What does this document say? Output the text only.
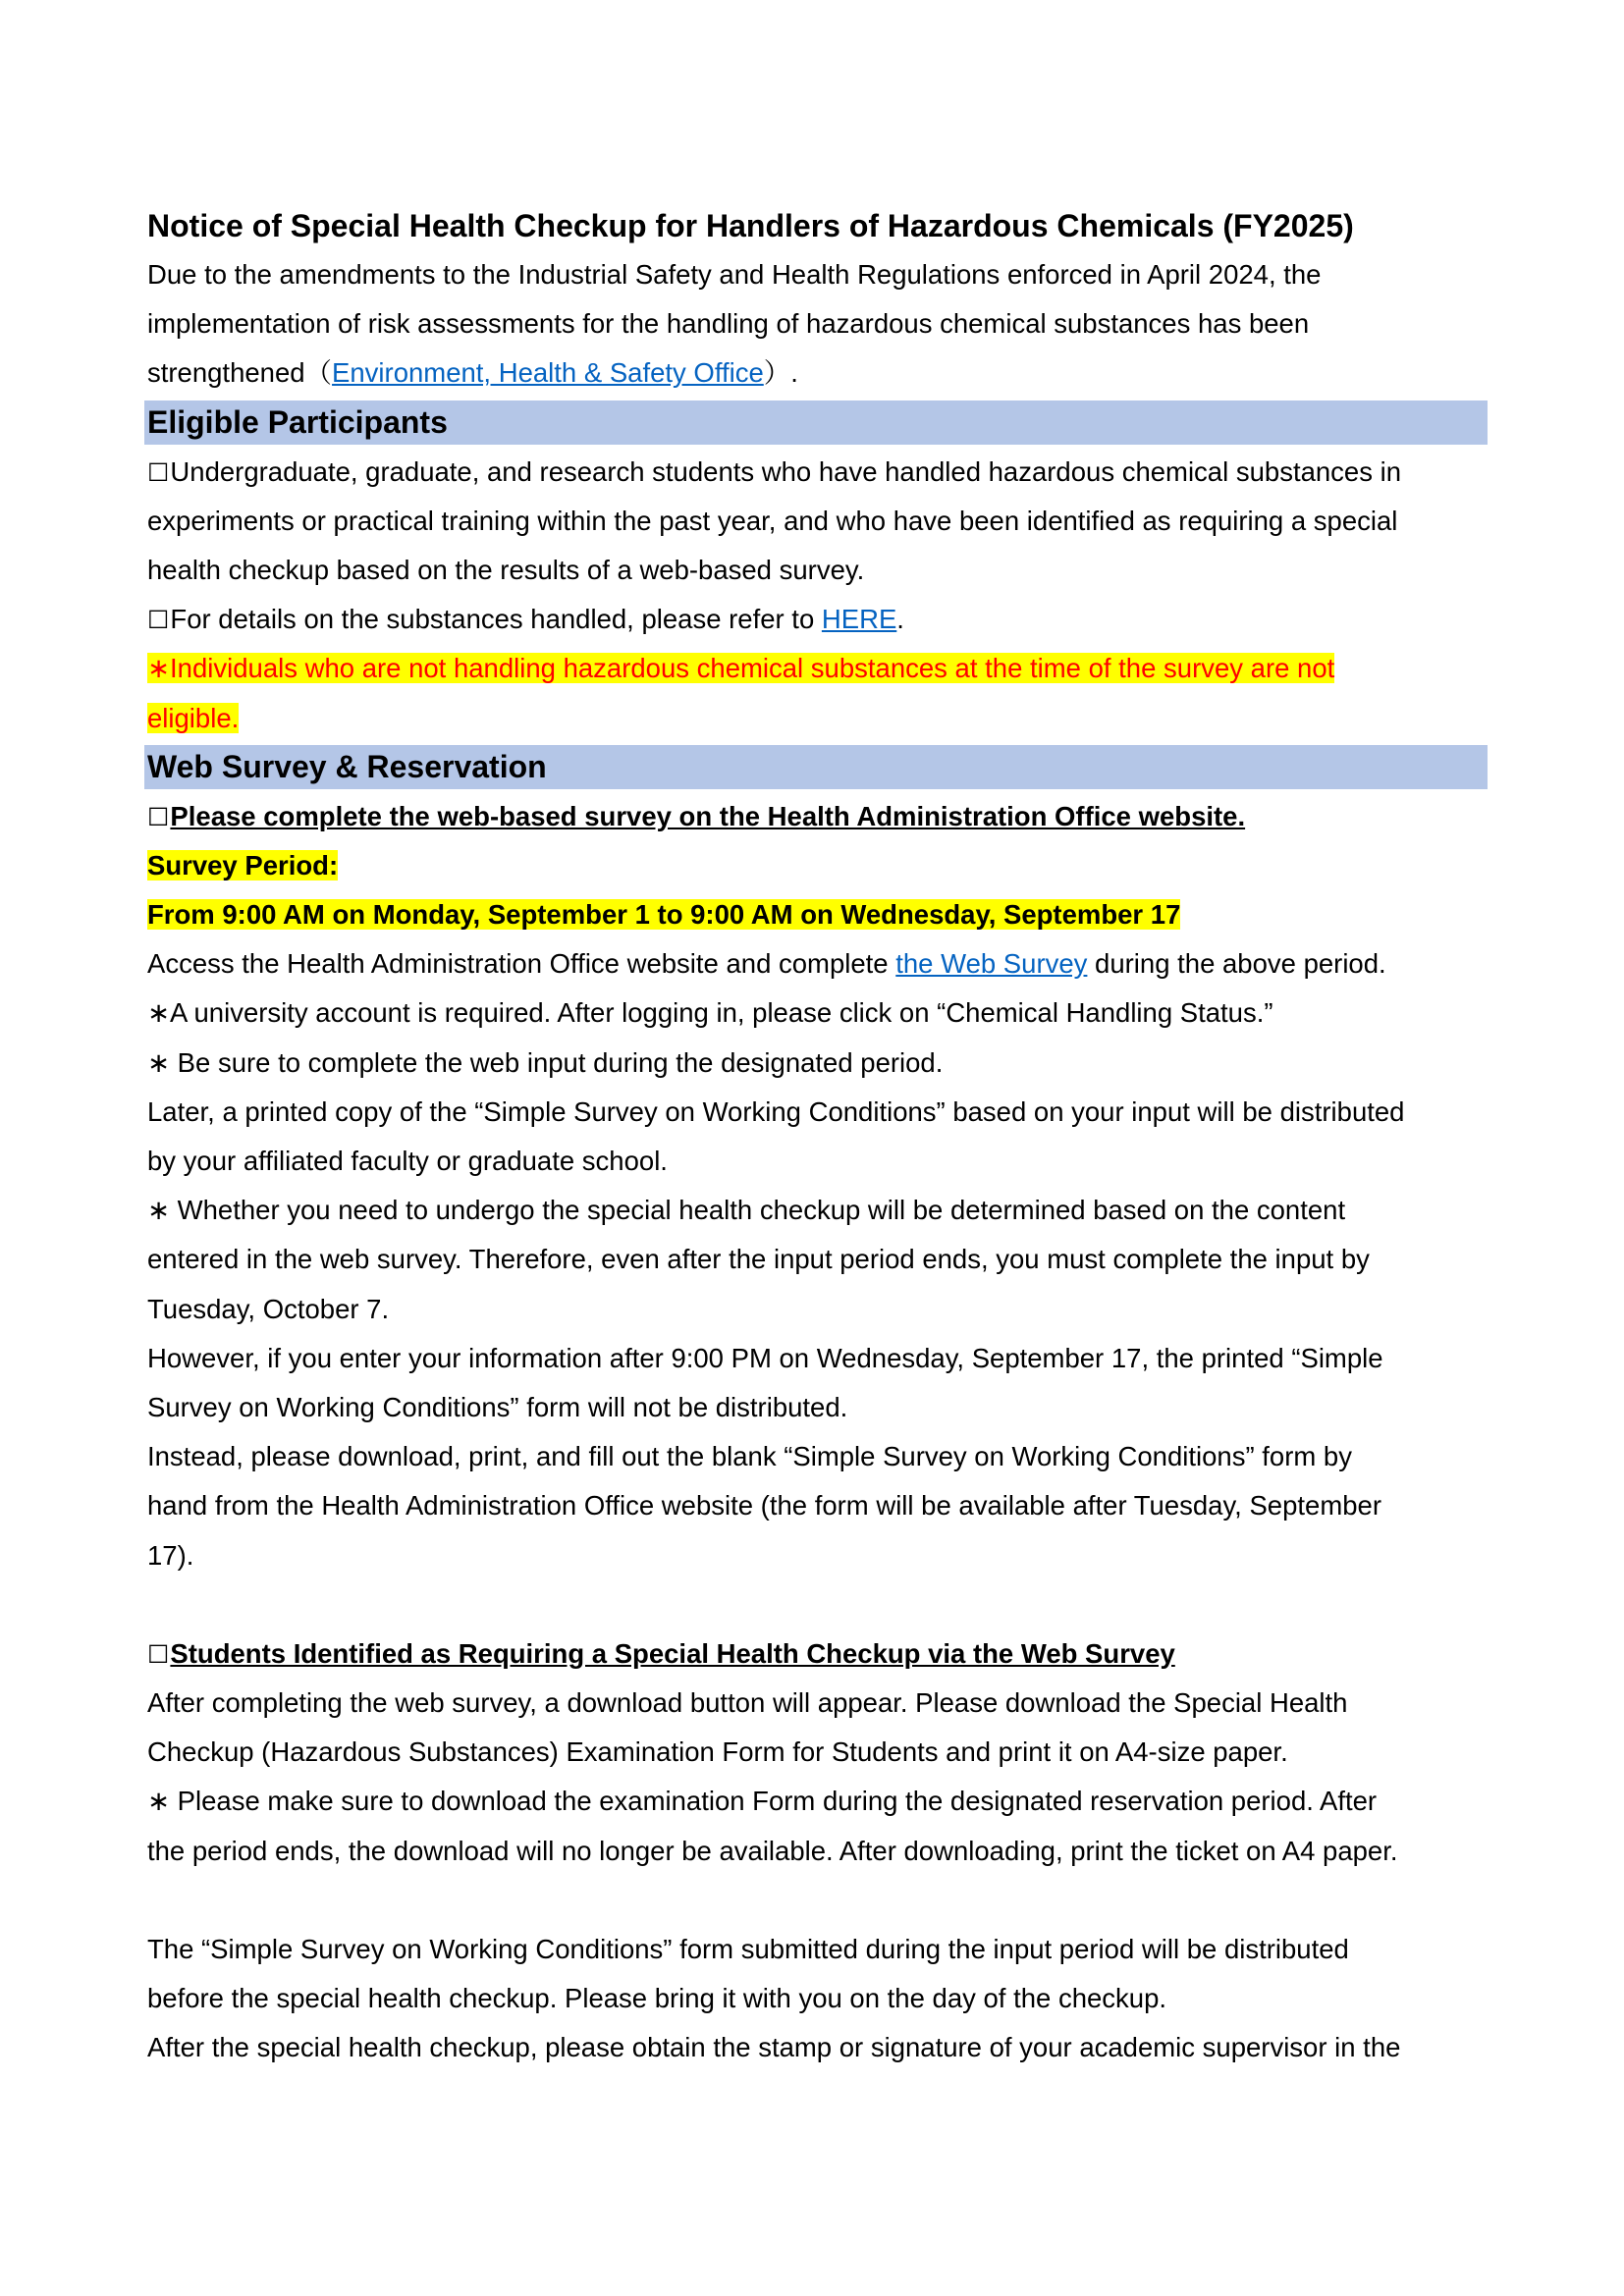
Notice of Special Health Checkup for Handlers of Hazardous Chemicals (FY2025)
Due to the amendments to the Industrial Safety and Health Regulations enforced in April 2024, the
implementation of risk assessments for the handling of hazardous chemical substances has been
strengthened（Environment, Health & Safety Office）.
Eligible Participants
☐Undergraduate, graduate, and research students who have handled hazardous chemical substances in
experiments or practical training within the past year, and who have been identified as requiring a special
health checkup based on the results of a web-based survey.
☐For details on the substances handled, please refer to HERE.
∗Individuals who are not handling hazardous chemical substances at the time of the survey are not
eligible.
Web Survey & Reservation
☐Please complete the web-based survey on the Health Administration Office website.
Survey Period:
From 9:00 AM on Monday, September 1 to 9:00 AM on Wednesday, September 17
Access the Health Administration Office website and complete the Web Survey during the above period.
∗A university account is required. After logging in, please click on “Chemical Handling Status.”
∗ Be sure to complete the web input during the designated period.
Later, a printed copy of the “Simple Survey on Working Conditions” based on your input will be distributed
by your affiliated faculty or graduate school.
∗ Whether you need to undergo the special health checkup will be determined based on the content
entered in the web survey. Therefore, even after the input period ends, you must complete the input by
Tuesday, October 7.
However, if you enter your information after 9:00 PM on Wednesday, September 17, the printed “Simple
Survey on Working Conditions” form will not be distributed.
Instead, please download, print, and fill out the blank “Simple Survey on Working Conditions” form by
hand from the Health Administration Office website (the form will be available after Tuesday, September
17).
☐Students Identified as Requiring a Special Health Checkup via the Web Survey
After completing the web survey, a download button will appear. Please download the Special Health
Checkup (Hazardous Substances) Examination Form for Students and print it on A4-size paper.
∗ Please make sure to download the examination Form during the designated reservation period. After
the period ends, the download will no longer be available. After downloading, print the ticket on A4 paper.
The “Simple Survey on Working Conditions” form submitted during the input period will be distributed
before the special health checkup. Please bring it with you on the day of the checkup.
After the special health checkup, please obtain the stamp or signature of your academic supervisor in the
